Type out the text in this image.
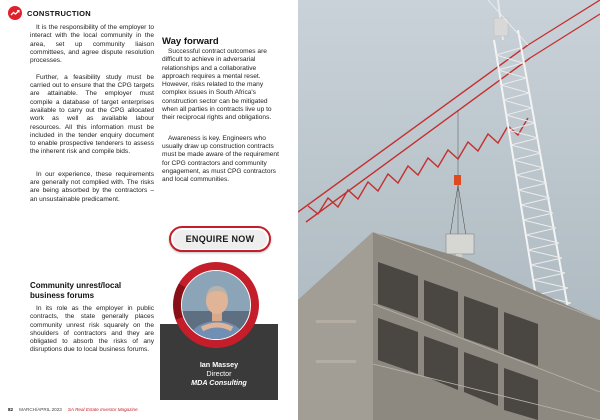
CONSTRUCTION

It is the responsibility of the employer to interact with the local community in the area, set up community liaison committees, and agree dispute resolution processes.

Further, a feasibility study must be carried out to ensure that the CPG targets are attainable. The employer must compile a database of target enterprises available to carry out the CPG allocated work as well as available labour resources. All this information must be included in the tender enquiry document to enable prospective tenderers to assess the inherent risk and compile bids.

In our experience, these requirements are generally not complied with. The risks are being absorbed by the contractors – an unsustainable predicament.

Community unrest/local business forums
In its role as the employer in public contracts, the state generally places community unrest risk squarely on the shoulders of contractors and they are obligated to absorb the risks of any disruptions due to local business forums.
Way forward

Successful contract outcomes are difficult to achieve in adversarial relationships and a collaborative approach requires a mental reset. However, risks related to the many complex issues in South Africa's construction sector can be mitigated when all parties in contracts live up to their reciprocal rights and obligations.

Awareness is key. Engineers who usually draw up construction contracts must be made aware of the requirement for CPG contractors and community engagement, as must CPG contractors and local communities.

ENQUIRE NOW
Ian Massey
Director
MDA Consulting
82 MARCH/APRIL 2023 SA Real Estate Investor Magazine
